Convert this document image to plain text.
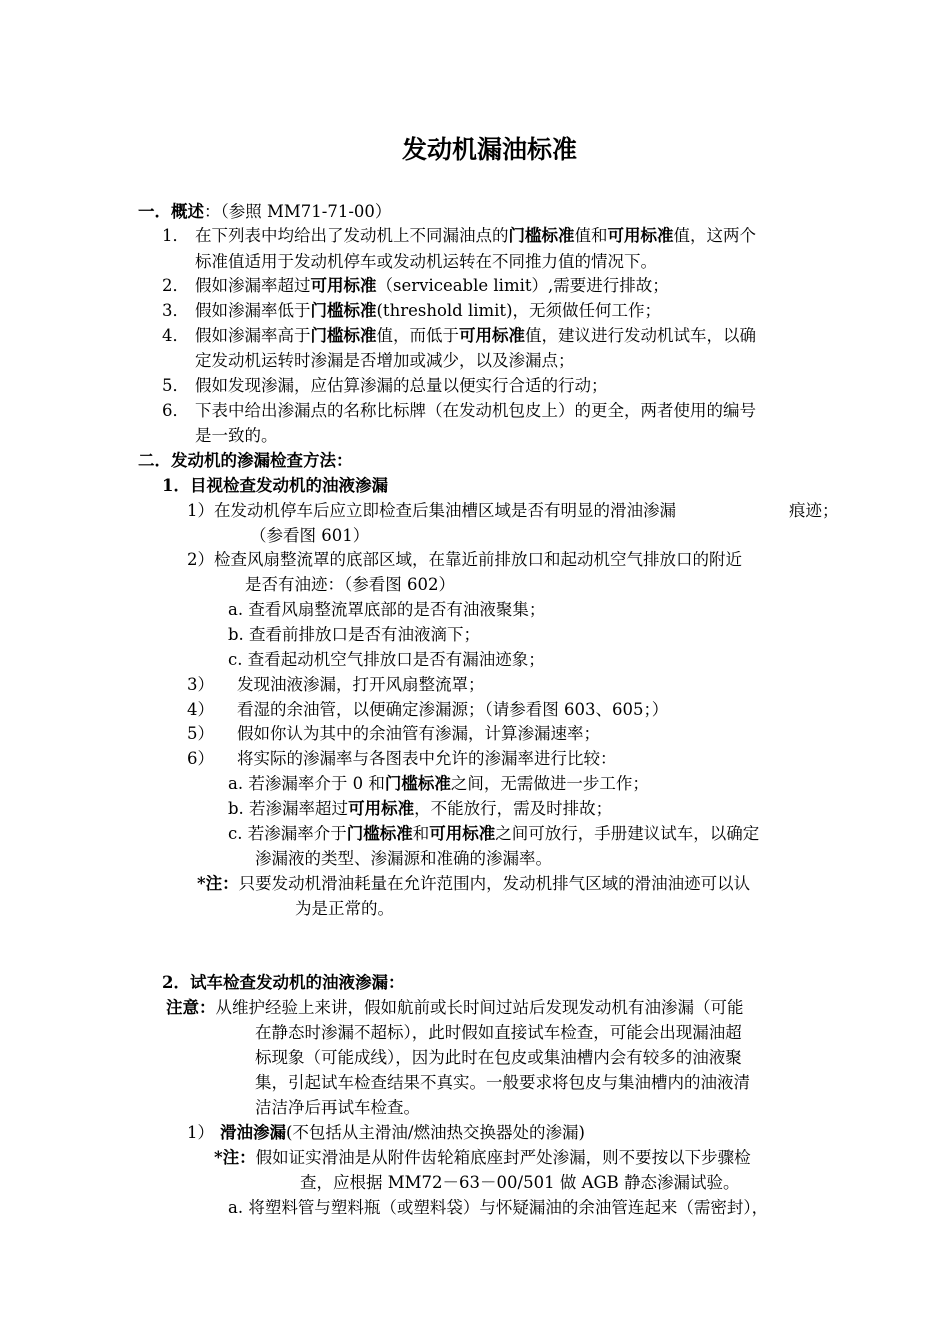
发动机漏油标准
一．概述：（参照 MM71-71-00）
1． 在下列表中均给出了发动机上不同漏油点的门槛标准值和可用标准值，这两个
标准值适用于发动机停车或发动机运转在不同推力值的情况下。
2． 假如渗漏率超过可用标准（serviceable limit）,需要进行排故；
3． 假如渗漏率低于门槛标准(threshold limit)，无须做任何工作；
4． 假如渗漏率高于门槛标准值，而低于可用标准值，建议进行发动机试车，以确
定发动机运转时渗漏是否增加或减少，以及渗漏点；
5． 假如发现渗漏，应估算渗漏的总量以便实行合适的行动；
6． 下表中给出渗漏点的名称比标牌（在发动机包皮上）的更全，两者使用的编号
是一致的。
二．发动机的渗漏检查方法：
1．目视检查发动机的油液渗漏
1）在发动机停车后应立即检查后集油槽区域是否有明显的滑油渗漏	痕迹；
（参看图 601）
2）检查风扇整流罩的底部区域，在靠近前排放口和起动机空气排放口的附近
是否有油迹：（参看图 602）
a. 查看风扇整流罩底部的是否有油液聚集；
b. 查看前排放口是否有油液滴下；
c. 查看起动机空气排放口是否有漏油迹象；
3） 发现油液渗漏，打开风扇整流罩；
4） 看湿的余油管，以便确定渗漏源；（请参看图 603、605；）
5） 假如你认为其中的余油管有渗漏，计算渗漏速率；
6） 将实际的渗漏率与各图表中允许的渗漏率进行比较：
a. 若渗漏率介于 0 和门槛标准之间，无需做进一步工作；
b. 若渗漏率超过可用标准，不能放行，需及时排故；
c. 若渗漏率介于门槛标准和可用标准之间可放行，手册建议试车，以确定
渗漏液的类型、渗漏源和准确的渗漏率。
*注：只要发动机滑油耗量在允许范围内，发动机排气区域的滑油油迹可以认
为是正常的。
2．试车检查发动机的油液渗漏：
注意：从维护经验上来讲，假如航前或长时间过站后发现发动机有油渗漏（可能
在静态时渗漏不超标），此时假如直接试车检查，可能会出现漏油超
标现象（可能成线），因为此时在包皮或集油槽内会有较多的油液聚
集，引起试车检查结果不真实。一般要求将包皮与集油槽内的油液清
洁洁净后再试车检查。
1） 滑油渗漏(不包括从主滑油/燃油热交换器处的渗漏)
*注：假如证实滑油是从附件齿轮箱底座封严处渗漏，则不要按以下步骤检
查，应根据 MM72－63－00/501 做 AGB 静态渗漏试验。
a. 将塑料管与塑料瓶（或塑料袋）与怀疑漏油的余油管连起来（需密封），
